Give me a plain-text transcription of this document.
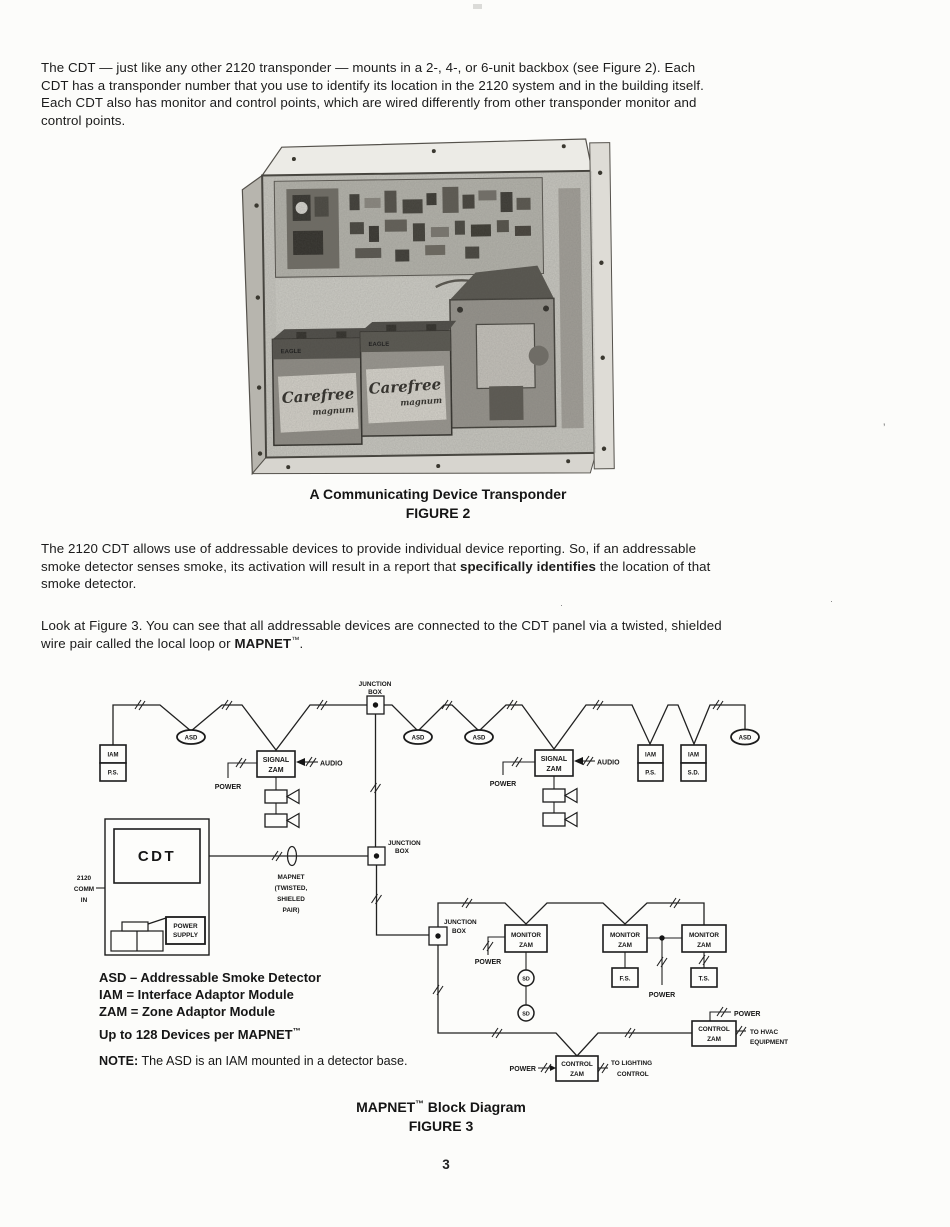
’
·	·
The CDT — just like any other 2120 transponder — mounts in a 2-, 4-, or 6-unit backbox (see Figure 2). Each
CDT has a transponder number that you use to identify its location in the 2120 system and in the building itself.
Each CDT also has monitor and control points, which are wired differently from other transponder monitor and
control points.
EAGLE
Carefree
magnum
EAGLE
Carefree
magnum
A Communicating Device Transponder
FIGURE 2
The 2120 CDT allows use of addressable devices to provide individual device reporting. So, if an addressable
smoke detector senses smoke, its activation will result in a report that specifically identifies the location of that
smoke detector.
Look at Figure 3. You can see that all addressable devices are connected to the CDT panel via a twisted, shielded
wire pair called the local loop or MAPNET™.
JUNCTION
BOX
JUNCTION
BOX
JUNCTION
BOX
ASD	ASD	ASD	ASD
IAM
P.S.
IAM
P.S.
IAM
S.D.
SIGNAL
ZAM
POWER
AUDIO
SIGNAL
ZAM
POWER
AUDIO
CDT
POWER
SUPPLY
2120
COMM
IN
MAPNET
(TWISTED,
SHIELED
PAIR)
MONITOR
ZAM
POWER
SD
SD
MONITOR
ZAM
F.S.
POWER
MONITOR
ZAM
T.S.
CONTROL
ZAM
POWER
TO LIGHTING
CONTROL
CONTROL
ZAM
POWER
TO HVAC
EQUIPMENT
ASD – Addressable Smoke Detector
IAM = Interface Adaptor Module
ZAM = Zone Adaptor Module
Up to 128 Devices per MAPNET™
NOTE: The ASD is an IAM mounted in a detector base.
MAPNET™ Block Diagram
FIGURE 3
3
